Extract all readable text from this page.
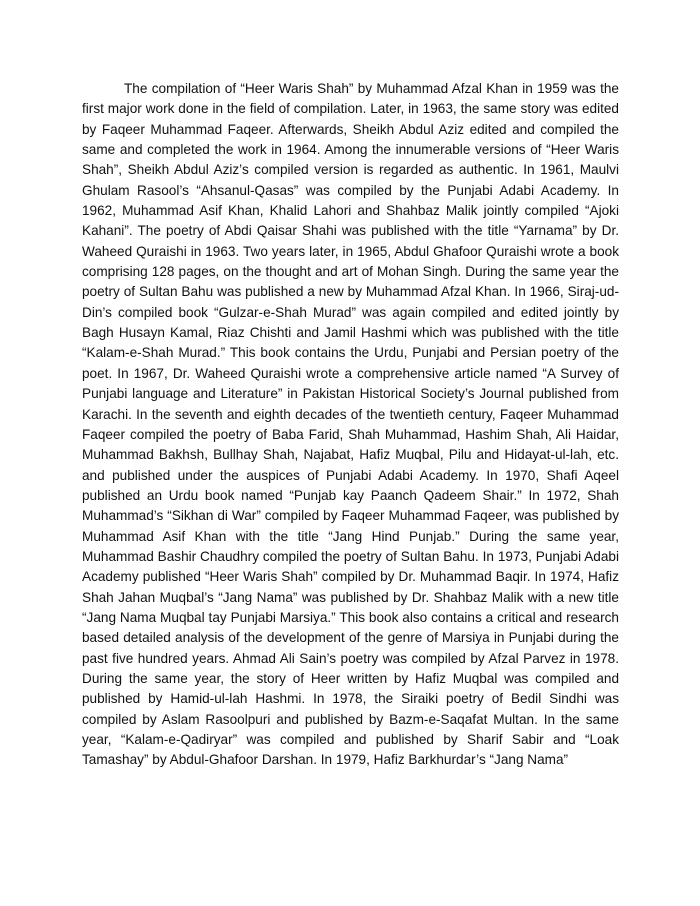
The compilation of “Heer Waris Shah” by Muhammad Afzal Khan in 1959 was the first major work done in the field of compilation. Later, in 1963, the same story was edited by Faqeer Muhammad Faqeer. Afterwards, Sheikh Abdul Aziz edited and compiled the same and completed the work in 1964. Among the innumerable versions of “Heer Waris Shah”, Sheikh Abdul Aziz’s compiled version is regarded as authentic. In 1961, Maulvi Ghulam Rasool’s “Ahsanul-Qasas” was compiled by the Punjabi Adabi Academy. In 1962, Muhammad Asif Khan, Khalid Lahori and Shahbaz Malik jointly compiled “Ajoki Kahani”. The poetry of Abdi Qaisar Shahi was published with the title “Yarnama” by Dr. Waheed Quraishi in 1963. Two years later, in 1965, Abdul Ghafoor Quraishi wrote a book comprising 128 pages, on the thought and art of Mohan Singh. During the same year the poetry of Sultan Bahu was published a new by Muhammad Afzal Khan. In 1966, Siraj-ud-Din’s compiled book “Gulzar-e-Shah Murad” was again compiled and edited jointly by Bagh Husayn Kamal, Riaz Chishti and Jamil Hashmi which was published with the title “Kalam-e-Shah Murad.” This book contains the Urdu, Punjabi and Persian poetry of the poet. In 1967, Dr. Waheed Quraishi wrote a comprehensive article named “A Survey of Punjabi language and Literature” in Pakistan Historical Society’s Journal published from Karachi. In the seventh and eighth decades of the twentieth century, Faqeer Muhammad Faqeer compiled the poetry of Baba Farid, Shah Muhammad, Hashim Shah, Ali Haidar, Muhammad Bakhsh, Bullhay Shah, Najabat, Hafiz Muqbal, Pilu and Hidayat-ul-lah, etc. and published under the auspices of Punjabi Adabi Academy. In 1970, Shafi Aqeel published an Urdu book named “Punjab kay Paanch Qadeem Shair.” In 1972, Shah Muhammad’s “Sikhan di War” compiled by Faqeer Muhammad Faqeer, was published by Muhammad Asif Khan with the title “Jang Hind Punjab.” During the same year, Muhammad Bashir Chaudhry compiled the poetry of Sultan Bahu. In 1973, Punjabi Adabi Academy published “Heer Waris Shah” compiled by Dr. Muhammad Baqir. In 1974, Hafiz Shah Jahan Muqbal’s “Jang Nama” was published by Dr. Shahbaz Malik with a new title “Jang Nama Muqbal tay Punjabi Marsiya.” This book also contains a critical and research based detailed analysis of the development of the genre of Marsiya in Punjabi during the past five hundred years. Ahmad Ali Sain’s poetry was compiled by Afzal Parvez in 1978. During the same year, the story of Heer written by Hafiz Muqbal was compiled and published by Hamid-ul-lah Hashmi. In 1978, the Siraiki poetry of Bedil Sindhi was compiled by Aslam Rasoolpuri and published by Bazm-e-Saqafat Multan. In the same year, “Kalam-e-Qadiryar” was compiled and published by Sharif Sabir and “Loak Tamashay” by Abdul-Ghafoor Darshan. In 1979, Hafiz Barkhurdar’s “Jang Nama”
